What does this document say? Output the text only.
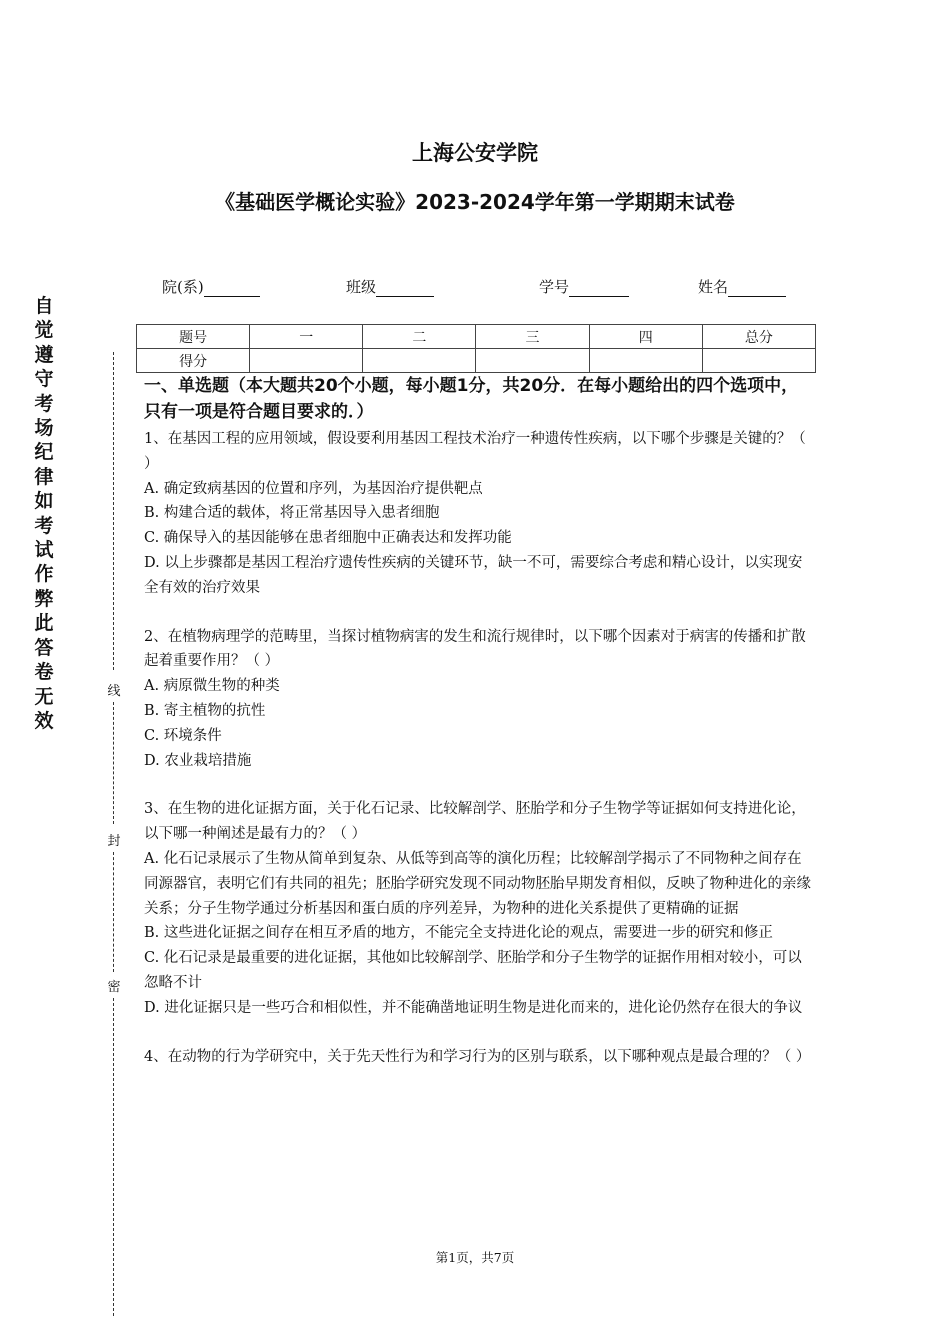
上海公安学院
《基础医学概论实验》2023-2024学年第一学期期末试卷
院(系)	班级	学号	姓名
题号	一	二	三	四	总分
得分					
自
觉
遵
守
考
场
纪
律
如
考
试
作
弊
此
答
卷
无
效
线
封
密
一、单选题（本大题共20个小题，每小题1分，共20分．在每小题给出的四个选项中，只有一项是符合题目要求的．）

1、在基因工程的应用领域，假设要利用基因工程技术治疗一种遗传性疾病，以下哪个步骤是关键的？（ ）

A. 确定致病基因的位置和序列，为基因治疗提供靶点

B. 构建合适的载体，将正常基因导入患者细胞

C. 确保导入的基因能够在患者细胞中正确表达和发挥功能

D. 以上步骤都是基因工程治疗遗传性疾病的关键环节，缺一不可，需要综合考虑和精心设计，以实现安全有效的治疗效果

2、在植物病理学的范畴里，当探讨植物病害的发生和流行规律时，以下哪个因素对于病害的传播和扩散起着重要作用？（ ）

A. 病原微生物的种类

B. 寄主植物的抗性

C. 环境条件

D. 农业栽培措施

3、在生物的进化证据方面，关于化石记录、比较解剖学、胚胎学和分子生物学等证据如何支持进化论，以下哪一种阐述是最有力的？（ ）

A. 化石记录展示了生物从简单到复杂、从低等到高等的演化历程；比较解剖学揭示了不同物种之间存在同源器官，表明它们有共同的祖先；胚胎学研究发现不同动物胚胎早期发育相似，反映了物种进化的亲缘关系；分子生物学通过分析基因和蛋白质的序列差异，为物种的进化关系提供了更精确的证据

B. 这些进化证据之间存在相互矛盾的地方，不能完全支持进化论的观点，需要进一步的研究和修正

C. 化石记录是最重要的进化证据，其他如比较解剖学、胚胎学和分子生物学的证据作用相对较小，可以忽略不计

D. 进化证据只是一些巧合和相似性，并不能确凿地证明生物是进化而来的，进化论仍然存在很大的争议

4、在动物的行为学研究中，关于先天性行为和学习行为的区别与联系，以下哪种观点是最合理的？（ ）

第1页，共7页
